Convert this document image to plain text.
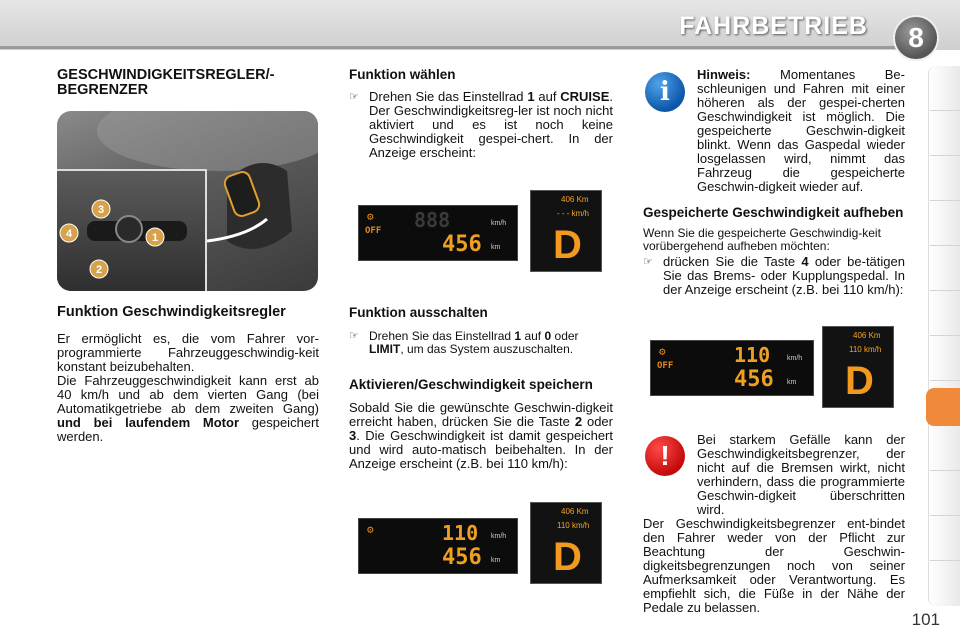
FAHRBETRIEB	8
GESCHWINDIGKEITSREGLER/-BEGRENZER
3
4	1
2
Funktion Geschwindigkeitsregler

Er ermöglicht es, die vom Fahrer vor-programmierte Fahrzeuggeschwindig-keit konstant beizubehalten.

Die Fahrzeuggeschwindigkeit kann erst ab 40 km/h und ab dem vierten Gang (bei Automatikgetriebe ab dem zweiten Gang) und bei laufendem Motor gespeichert werden.

Funktion wählen
☞ Drehen Sie das Einstellrad 1 auf CRUISE. Der Geschwindigkeitsreg-ler ist noch nicht aktiviert und es ist noch keine Geschwindigkeit gespei-chert. In der Anzeige erscheint:

⚙
OFF 888
456
km/h
km
406 Km
- - - km/h
D
Funktion ausschalten
☞ Drehen Sie das Einstellrad 1 auf 0 oder LIMIT, um das System auszuschalten.

Aktivieren/Geschwindigkeit speichern

Sobald Sie die gewünschte Geschwin-digkeit erreicht haben, drücken Sie die Taste 2 oder 3. Die Geschwindigkeit ist damit gespeichert und wird auto-matisch beibehalten. In der Anzeige erscheint (z.B. bei 110 km/h):

⚙	110
456
km/h
km
406 Km
110 km/h
D
i

Hinweis: Momentanes Be-schleunigen und Fahren mit einer höheren als der gespei-cherten Geschwindigkeit ist möglich. Die gespeicherte Geschwin-digkeit blinkt. Wenn das Gaspedal wieder losgelassen wird, nimmt das Fahrzeug die gespeicherte Geschwin-digkeit wieder auf.

Gespeicherte Geschwindigkeit aufheben

Wenn Sie die gespeicherte Geschwindig-keit vorübergehend aufheben möchten:

☞ drücken Sie die Taste 4 oder be-tätigen Sie das Brems- oder Kupplungspedal. In der Anzeige erscheint (z.B. bei 110 km/h):

⚙
OFF	110
456
km/h
km
406 Km
110 km/h
D
!

Bei starkem Gefälle kann der Geschwindigkeitsbegrenzer, der nicht auf die Bremsen wirkt, nicht verhindern, dass die programmierte Geschwin-digkeit überschritten wird.

Der Geschwindigkeitsbegrenzer ent-bindet den Fahrer weder von der Pflicht zur Beachtung der Geschwin-digkeitsbegrenzungen noch von seiner Aufmerksamkeit oder Verantwortung. Es empfiehlt sich, die Füße in der Nähe der Pedale zu belassen.

101
